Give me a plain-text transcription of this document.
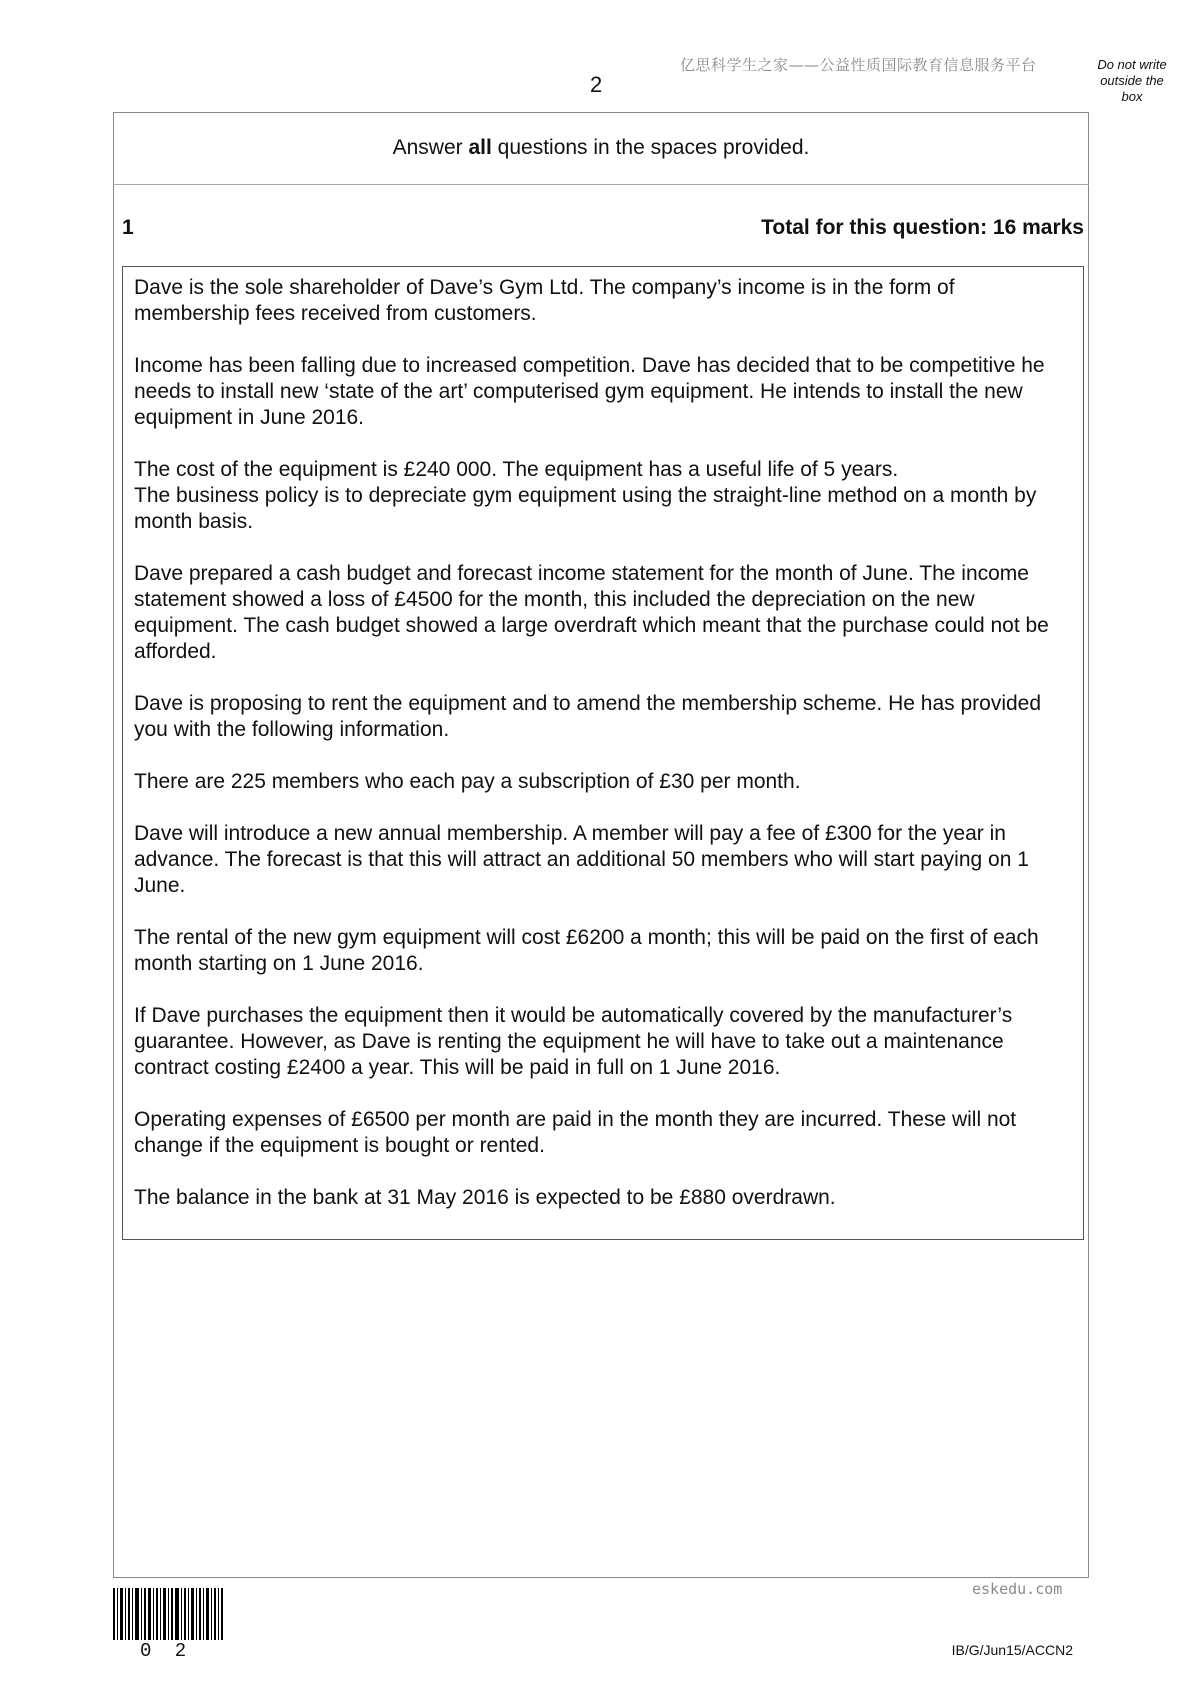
亿思科学生之家——公益性质国际教育信息服务平台
2
Do not write
outside the
box
Answer all questions in the spaces provided.
1	Total for this question: 16 marks

Dave is the sole shareholder of Dave’s Gym Ltd. The company’s income is in the form of membership fees received from customers.

Income has been falling due to increased competition. Dave has decided that to be competitive he needs to install new ‘state of the art’ computerised gym equipment. He intends to install the new equipment in June 2016.

The cost of the equipment is £240 000. The equipment has a useful life of 5 years.
The business policy is to depreciate gym equipment using the straight-line method on a month by month basis.

Dave prepared a cash budget and forecast income statement for the month of June. The income statement showed a loss of £4500 for the month, this included the depreciation on the new equipment. The cash budget showed a large overdraft which meant that the purchase could not be afforded.

Dave is proposing to rent the equipment and to amend the membership scheme. He has provided you with the following information.

There are 225 members who each pay a subscription of £30 per month.

Dave will introduce a new annual membership. A member will pay a fee of £300 for the year in advance. The forecast is that this will attract an additional 50 members who will start paying on 1 June.

The rental of the new gym equipment will cost £6200 a month; this will be paid on the first of each month starting on 1 June 2016.

If Dave purchases the equipment then it would be automatically covered by the manufacturer’s guarantee. However, as Dave is renting the equipment he will have to take out a maintenance contract costing £2400 a year. This will be paid in full on 1 June 2016.

Operating expenses of £6500 per month are paid in the month they are incurred. These will not change if the equipment is bought or rented.

The balance in the bank at 31 May 2016 is expected to be £880 overdrawn.

eskedu.com
0 2	IB/G/Jun15/ACCN2
